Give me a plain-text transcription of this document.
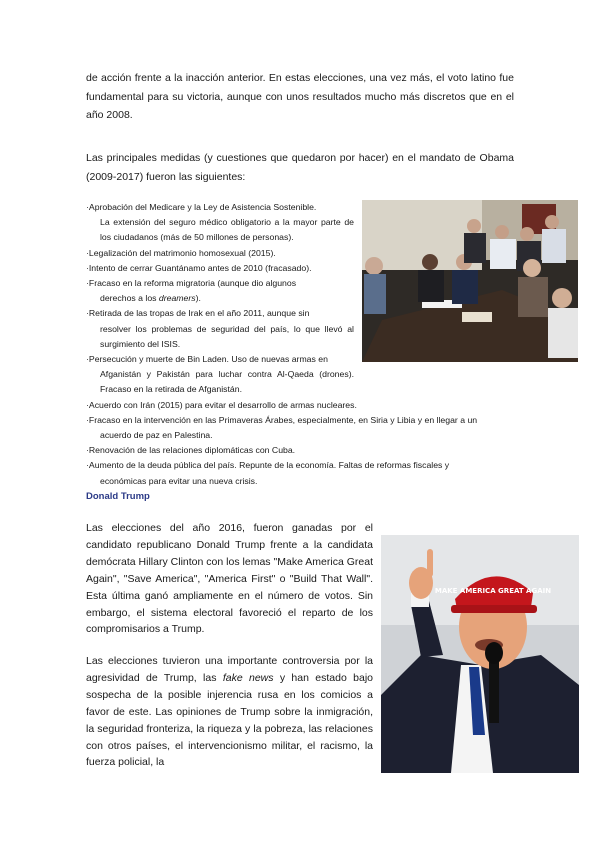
de acción frente a la inacción anterior. En estas elecciones, una vez más, el voto latino fue fundamental para su victoria, aunque con unos resultados mucho más discretos que en el año 2008.
Las principales medidas (y cuestiones que quedaron por hacer) en el mandato de Obama (2009-2017) fueron las siguientes:
·Aprobación del Medicare y la Ley de Asistencia Sostenible.
La extensión del seguro médico obligatorio a la mayor parte de los ciudadanos (más de 50 millones de personas).
·Legalización del matrimonio homosexual (2015).
·Intento de cerrar Guantánamo antes de 2010 (fracasado).
·Fracaso en la reforma migratoria (aunque dio algunos
derechos a los dreamers).
·Retirada de las tropas de Irak en el año 2011, aunque sin
resolver los problemas de seguridad del país, lo que llevó al surgimiento del ISIS.
·Persecución y muerte de Bin Laden. Uso de nuevas armas en
Afganistán y Pakistán para luchar contra Al-Qaeda (drones). Fracaso en la retirada de Afganistán.
·Acuerdo con Irán (2015) para evitar el desarrollo de armas nucleares.
·Fracaso en la intervención en las Primaveras Árabes, especialmente, en Siria y Libia y en llegar a un
acuerdo de paz en Palestina.
·Renovación de las relaciones diplomáticas con Cuba.
·Aumento de la deuda pública del país. Repunte de la economía. Faltas de reformas fiscales y
económicas para evitar una nueva crisis.
Donald Trump
Las elecciones del año 2016, fueron ganadas por el candidato republicano Donald Trump frente a la candidata demócrata Hillary Clinton con los lemas "Make America Great Again", "Save America", "America First" o "Build That Wall". Esta última ganó ampliamente en el número de votos. Sin embargo, el sistema electoral favoreció el reparto de los compromisarios a Trump.
Las elecciones tuvieron una importante controversia por la agresividad de Trump, las fake news y han estado bajo sospecha de la posible injerencia rusa en los comicios a favor de este. Las opiniones de Trump sobre la inmigración, la seguridad fronteriza, la riqueza y la pobreza, las relaciones con otros países, el intervencionismo militar, el racismo, la fuerza policial, la
MAKE AMERICA GREAT AGAIN
